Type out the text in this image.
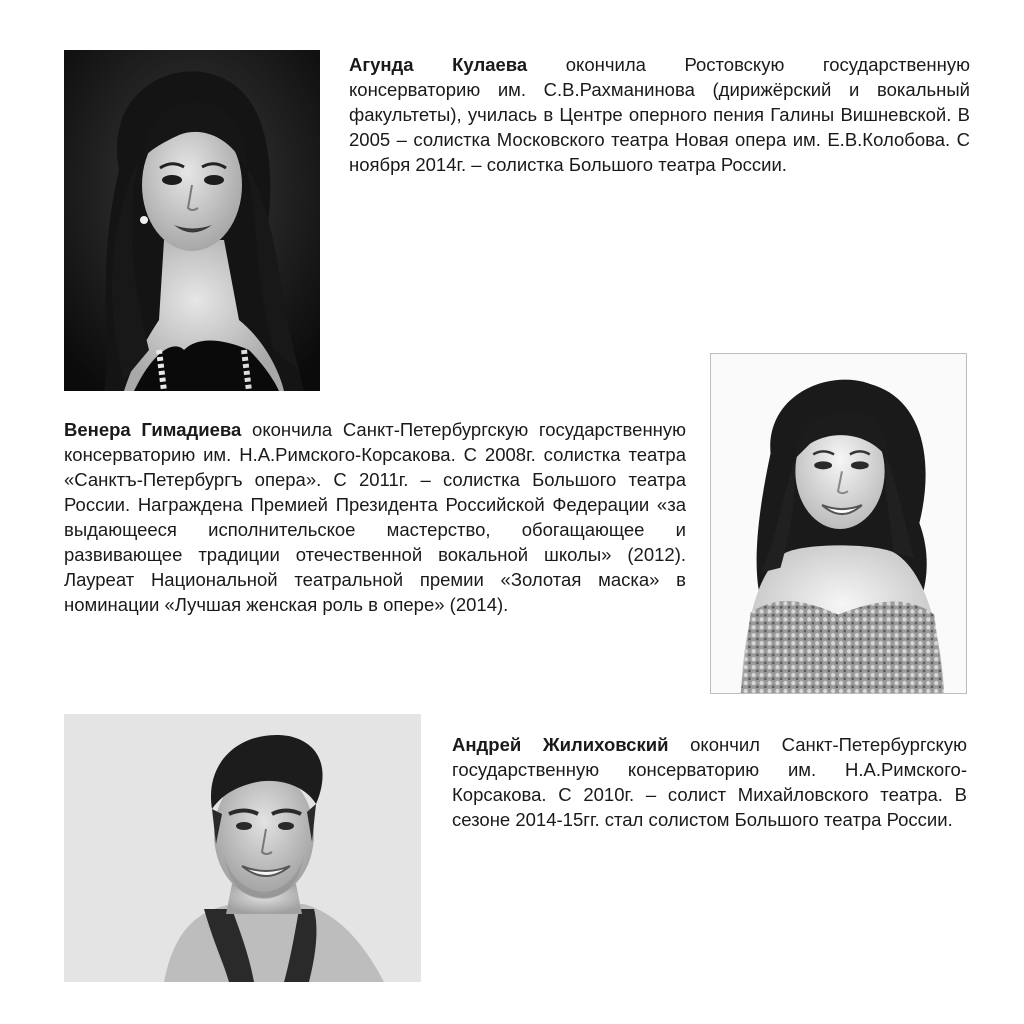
Агунда Кулаева окончила Ростовскую государственную консерваторию им. С.В.Рахманинова (дирижёрский и вокальный факультеты), училась в Центре оперного пения Галины Вишневской. В 2005 – солистка Московского театра Новая опера им. Е.В.Колобова. С ноября 2014г. – солистка Большого театра России.

Венера Гимадиева окончила Санкт-Петербургскую государственную консерваторию им. Н.А.Римского-Корсакова. С 2008г. солистка театра «Санктъ-Петербургъ опера». С 2011г. – солистка Большого театра России. Награждена Премией Президента Российской Федерации «за выдающееся исполнительское мастерство, обогащающее и развивающее традиции отечественной вокальной школы» (2012). Лауреат Национальной театральной премии «Золотая маска» в номинации «Лучшая женская роль в опере» (2014).

Андрей Жилиховский окончил Санкт-Петербургскую государственную консерваторию им. Н.А.Римского-Корсакова. С 2010г. – солист Михайловского театра. В сезоне 2014-15гг. стал солистом Большого театра России.
